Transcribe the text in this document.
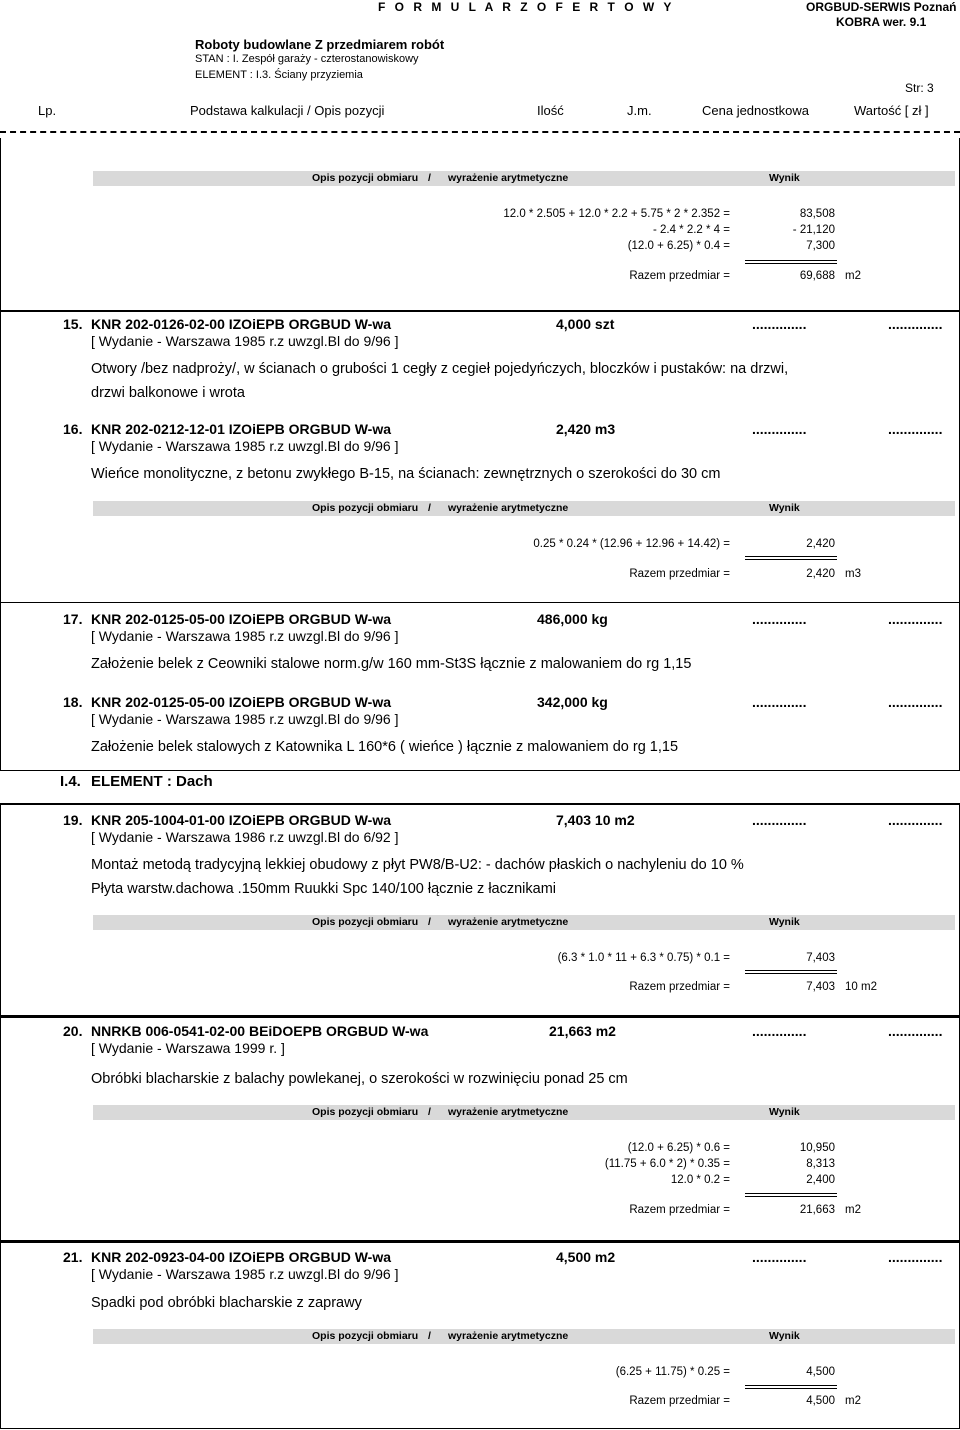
F O R M U L A R Z O F E R T O W Y	ORGBUD-SERWIS Poznań
KOBRA wer. 9.1
Roboty budowlane Z przedmiarem robót
STAN : I. Zespół garaży - czterostanowiskowy
ELEMENT : I.3. Ściany przyziemia
Str: 3
Lp.	Podstawa kalkulacji / Opis pozycji	Ilość	J.m.	Cena jednostkowa	Wartość [ zł ]
Opis pozycji obmiaru / wyrażenie arytmetyczne	Wynik
12.0 * 2.505 + 12.0 * 2.2 + 5.75 * 2 * 2.352 =	83,508
- 2.4 * 2.2 * 4 =	- 21,120
(12.0 + 6.25) * 0.4 =	7,300
Razem przedmiar =	69,688 m2
15. KNR 202-0126-02-00 IZOiEPB ORGBUD W-wa	4,000 szt	..............	..............
[ Wydanie - Warszawa 1985 r.z uwzgl.Bl do 9/96 ]
Otwory /bez nadproży/, w ścianach o grubości 1 cegły z cegieł pojedyńczych, bloczków i pustaków: na drzwi,
drzwi balkonowe i wrota
16. KNR 202-0212-12-01 IZOiEPB ORGBUD W-wa	2,420 m3	..............	..............
[ Wydanie - Warszawa 1985 r.z uwzgl.Bl do 9/96 ]
Wieńce monolityczne, z betonu zwykłego B-15, na ścianach: zewnętrznych o szerokości do 30 cm
Opis pozycji obmiaru / wyrażenie arytmetyczne	Wynik
0.25 * 0.24 * (12.96 + 12.96 + 14.42) =	2,420
Razem przedmiar =	2,420 m3
17. KNR 202-0125-05-00 IZOiEPB ORGBUD W-wa	486,000 kg	..............	..............
[ Wydanie - Warszawa 1985 r.z uwzgl.Bl do 9/96 ]
Założenie belek z Ceowniki stalowe norm.g/w 160 mm-St3S łącznie z malowaniem do rg 1,15
18. KNR 202-0125-05-00 IZOiEPB ORGBUD W-wa	342,000 kg	..............	..............
[ Wydanie - Warszawa 1985 r.z uwzgl.Bl do 9/96 ]
Założenie belek stalowych z Katownika L 160*6 ( wieńce ) łącznie z malowaniem do rg 1,15
I.4. ELEMENT : Dach
19. KNR 205-1004-01-00 IZOiEPB ORGBUD W-wa	7,403 10 m2	..............	..............
[ Wydanie - Warszawa 1986 r.z uwzgl.Bl do 6/92 ]
Montaż metodą tradycyjną lekkiej obudowy z płyt PW8/B-U2: - dachów płaskich o nachyleniu do 10 %
Płyta warstw.dachowa .150mm Ruukki Spc 140/100 łącznie z łacznikami
Opis pozycji obmiaru / wyrażenie arytmetyczne	Wynik
(6.3 * 1.0 * 11 + 6.3 * 0.75) * 0.1 =	7,403
Razem przedmiar =	7,403 10 m2
20. NNRKB 006-0541-02-00 BEiDOEPB ORGBUD W-wa	21,663 m2	..............	..............
[ Wydanie - Warszawa 1999 r. ]
Obróbki blacharskie z balachy powlekanej, o szerokości w rozwinięciu ponad 25 cm
Opis pozycji obmiaru / wyrażenie arytmetyczne	Wynik
(12.0 + 6.25) * 0.6 =	10,950
(11.75 + 6.0 * 2) * 0.35 =	8,313
12.0 * 0.2 =	2,400
Razem przedmiar =	21,663 m2
21. KNR 202-0923-04-00 IZOiEPB ORGBUD W-wa	4,500 m2	..............	..............
[ Wydanie - Warszawa 1985 r.z uwzgl.Bl do 9/96 ]
Spadki pod obróbki blacharskie z zaprawy
Opis pozycji obmiaru / wyrażenie arytmetyczne	Wynik
(6.25 + 11.75) * 0.25 =	4,500
Razem przedmiar =	4,500 m2
